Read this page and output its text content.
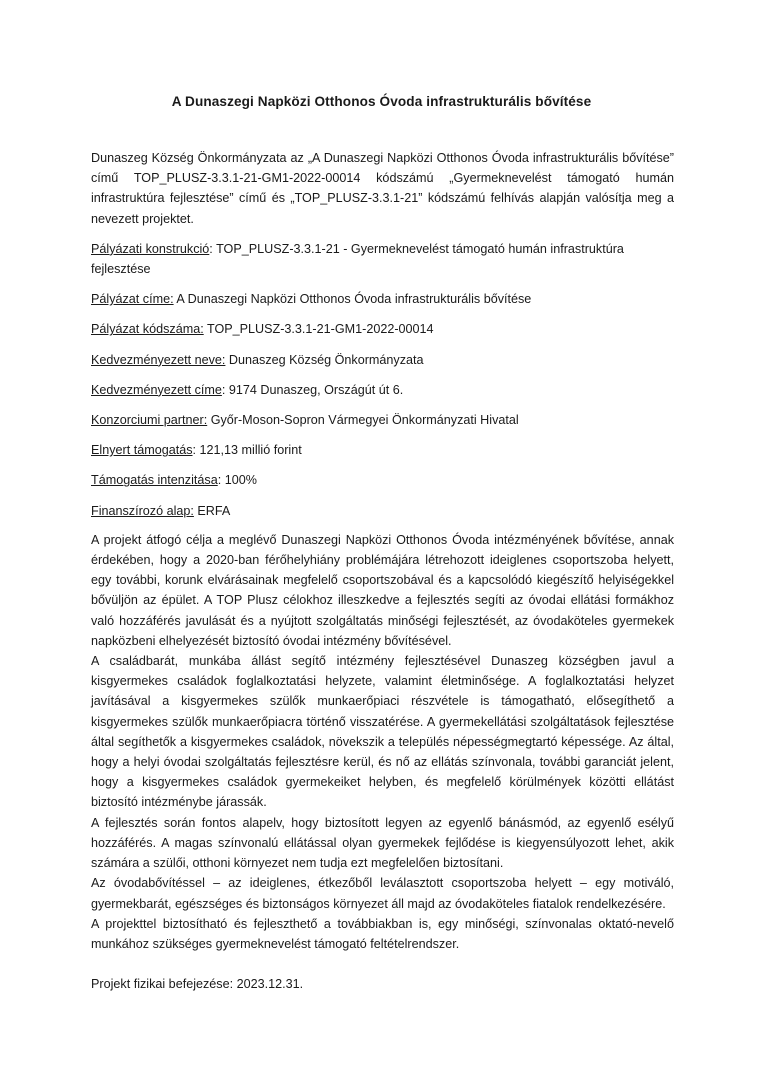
A Dunaszegi Napközi Otthonos Óvoda infrastrukturális bővítése

Dunaszeg Község Önkormányzata az „A Dunaszegi Napközi Otthonos Óvoda infrastrukturális bővítése” című TOP_PLUSZ-3.3.1-21-GM1-2022-00014 kódszámú „Gyermeknevelést támogató humán infrastruktúra fejlesztése” című és „TOP_PLUSZ-3.3.1-21” kódszámú felhívás alapján valósítja meg a nevezett projektet.

Pályázati konstrukció: TOP_PLUSZ-3.3.1-21 - Gyermeknevelést támogató humán infrastruktúra fejlesztése

Pályázat címe: A Dunaszegi Napközi Otthonos Óvoda infrastrukturális bővítése

Pályázat kódszáma: TOP_PLUSZ-3.3.1-21-GM1-2022-00014

Kedvezményezett neve: Dunaszeg Község Önkormányzata

Kedvezményezett címe: 9174 Dunaszeg, Országút út 6.

Konzorciumi partner: Győr-Moson-Sopron Vármegyei Önkormányzati Hivatal

Elnyert támogatás: 121,13 millió forint

Támogatás intenzitása: 100%

Finanszírozó alap: ERFA

A projekt átfogó célja a meglévő Dunaszegi Napközi Otthonos Óvoda intézményének bővítése, annak érdekében, hogy a 2020-ban férőhelyhiány problémájára létrehozott ideiglenes csoportszoba helyett, egy további, korunk elvárásainak megfelelő csoportszobával és a kapcsolódó kiegészítő helyiségekkel bővüljön az épület. A TOP Plusz célokhoz illeszkedve a fejlesztés segíti az óvodai ellátási formákhoz való hozzáférés javulását és a nyújtott szolgáltatás minőségi fejlesztését, az óvodaköteles gyermekek napközbeni elhelyezését biztosító óvodai intézmény bővítésével.

A családbarát, munkába állást segítő intézmény fejlesztésével Dunaszeg községben javul a kisgyermekes családok foglalkoztatási helyzete, valamint életminősége. A foglalkoztatási helyzet javításával a kisgyermekes szülők munkaerőpiaci részvétele is támogatható, elősegíthető a kisgyermekes szülők munkaerőpiacra történő visszatérése. A gyermekellátási szolgáltatások fejlesztése által segíthetők a kisgyermekes családok, növekszik a település népességmegtartó képessége. Az által, hogy a helyi óvodai szolgáltatás fejlesztésre kerül, és nő az ellátás színvonala, további garanciát jelent, hogy a kisgyermekes családok gyermekeiket helyben, és megfelelő körülmények közötti ellátást biztosító intézménybe járassák.

A fejlesztés során fontos alapelv, hogy biztosított legyen az egyenlő bánásmód, az egyenlő esélyű hozzáférés. A magas színvonalú ellátással olyan gyermekek fejlődése is kiegyensúlyozott lehet, akik számára a szülői, otthoni környezet nem tudja ezt megfelelően biztosítani.

Az óvodabővítéssel – az ideiglenes, étkezőből leválasztott csoportszoba helyett – egy motiváló, gyermekbarát, egészséges és biztonságos környezet áll majd az óvodaköteles fiatalok rendelkezésére.

A projekttel biztosítható és fejleszthető a továbbiakban is, egy minőségi, színvonalas oktató-nevelő munkához szükséges gyermeknevelést támogató feltételrendszer.

Projekt fizikai befejezése: 2023.12.31.
